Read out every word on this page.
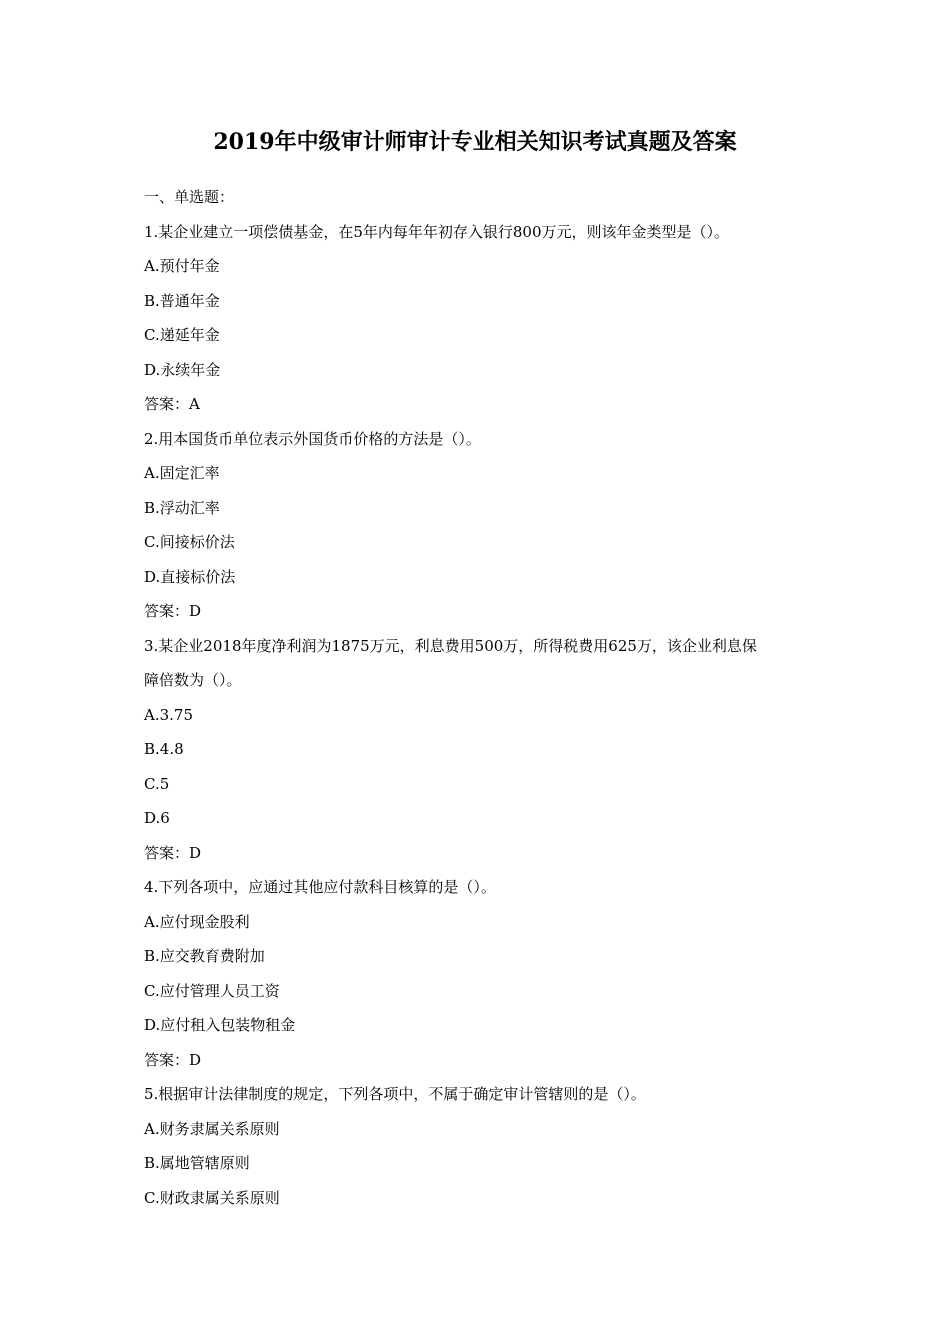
2019年中级审计师审计专业相关知识考试真题及答案
一、单选题：
1.某企业建立一项偿债基金，在5年内每年年初存入银行800万元，则该年金类型是（）。
A.预付年金
B.普通年金
C.递延年金
D.永续年金
答案：A
2.用本国货币单位表示外国货币价格的方法是（）。
A.固定汇率
B.浮动汇率
C.间接标价法
D.直接标价法
答案：D
3.某企业2018年度净利润为1875万元，利息费用500万，所得税费用625万，该企业利息保
障倍数为（）。
A.3.75
B.4.8
C.5
D.6
答案：D
4.下列各项中，应通过其他应付款科目核算的是（）。
A.应付现金股利
B.应交教育费附加
C.应付管理人员工资
D.应付租入包装物租金
答案：D
5.根据审计法律制度的规定，下列各项中，不属于确定审计管辖则的是（）。
A.财务隶属关系原则
B.属地管辖原则
C.财政隶属关系原则
